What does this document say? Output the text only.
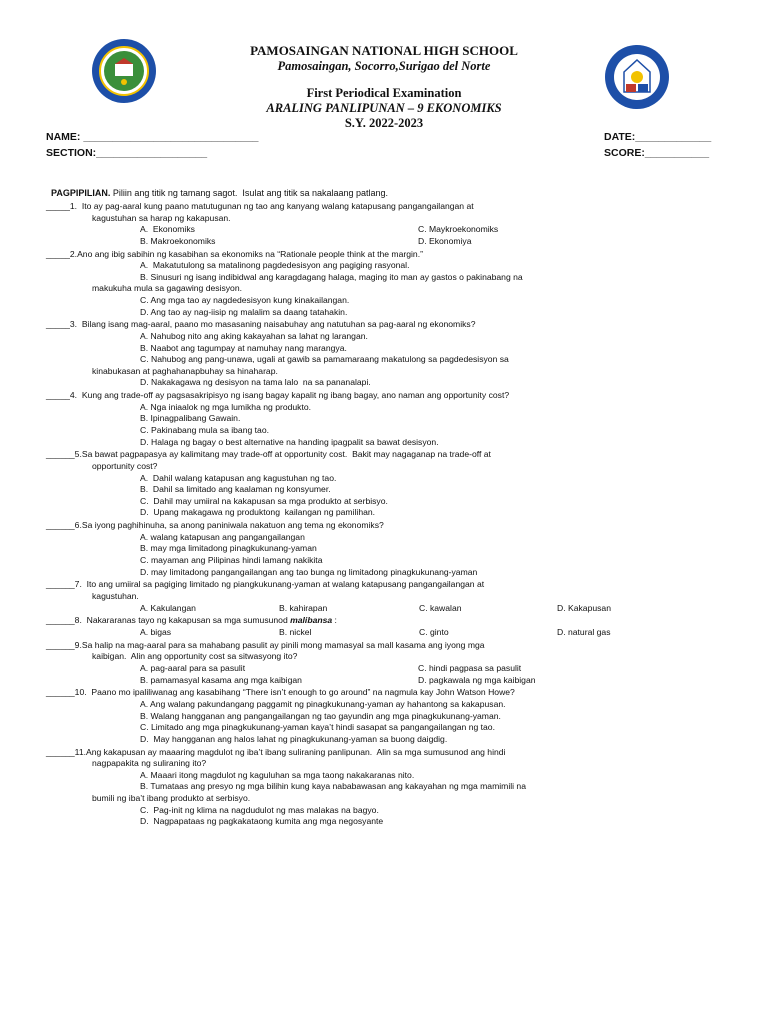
PAMOSAINGAN NATIONAL HIGH SCHOOL
Pamosaingan, Socorro,Surigao del Norte
First Periodical Examination
ARALING PANLIPUNAN – 9 EKONOMIKS
S.Y. 2022-2023
NAME: ______________________________	DATE:_____________
SECTION:___________________	SCORE:___________

PAGPIPILIAN. Piliin ang titik ng tamang sagot.  Isulat ang titik sa nakalaang patlang.

_____1.  Ito ay pag-aaral kung paano matutugunan ng tao ang kanyang walang katapusang pangangailangan at
kagustuhan sa harap ng kakapusan.
A.  Ekonomiks	C. Maykroekonomiks
B. Makroekonomiks	D. Ekonomiya
_____2.Ano ang ibig sabihin ng kasabihan sa ekonomiks na “Rationale people think at the margin.”
A.  Makatutulong sa matalinong pagdedesisyon ang pagiging rasyonal.
B. Sinusuri ng isang indibidwal ang karagdagang halaga, maging ito man ay gastos o pakinabang na
makukuha mula sa gagawing desisyon.
C. Ang mga tao ay nagdedesisyon kung kinakailangan.
D. Ang tao ay nag-iisip ng malalim sa daang tatahakin.
_____3.  Bilang isang mag-aaral, paano mo masasaning naisabuhay ang natutuhan sa pag-aaral ng ekonomiks?
A. Nahubog nito ang aking kakayahan sa lahat ng larangan.
B. Naabot ang tagumpay at namuhay nang marangya.
C. Nahubog ang pang-unawa, ugali at gawib sa pamamaraang makatulong sa pagdedesisyon sa
kinabukasan at paghahanapbuhay sa hinaharap.
D. Nakakagawa ng desisyon na tama lalo  na sa pananalapi.
_____4.  Kung ang trade-off ay pagsasakripisyo ng isang bagay kapalit ng ibang bagay, ano naman ang opportunity cost?
A. Nga iniaalok ng mga lumikha ng produkto.
B. Ipinagpalibang Gawain.
C. Pakinabang mula sa ibang tao.
D. Halaga ng bagay o best alternative na handing ipagpalit sa bawat desisyon.
______5.Sa bawat pagpapasya ay kalimitang may trade-off at opportunity cost.  Bakit may nagaganap na trade-off at
opportunity cost?
A.  Dahil walang katapusan ang kagustuhan ng tao.
B.  Dahil sa limitado ang kaalaman ng konsyumer.
C.  Dahil may umiiral na kakapusan sa mga produkto at serbisyo.
D.  Upang makagawa ng produktong  kailangan ng pamilihan.
______6.Sa iyong paghihinuha, sa anong paniniwala nakatuon ang tema ng ekonomiks?
A. walang katapusan ang pangangailangan
B. may mga limitadong pinagkukunang-yaman
C. mayaman ang Pilipinas hindi lamang nakikita
D. may limitadong pangangailangan ang tao bunga ng limitadong pinagkukunang-yaman
______7.  Ito ang umiiral sa pagiging limitado ng piangkukunang-yaman at walang katapusang pangangailangan at
kagustuhan.
A. Kakulangan	B. kahirapan	C. kawalan	D. Kakapusan
______8.  Nakararanas tayo ng kakapusan sa mga sumusunod malibansa :
A. bigas	B. nickel	C. ginto	D. natural gas
______9.Sa halip na mag-aaral para sa mahabang pasulit ay pinili mong mamasyal sa mall kasama ang iyong mga
kaibigan.  Alin ang opportunity cost sa sitwasyong ito?
A. pag-aaral para sa pasulit	C. hindi pagpasa sa pasulit
B. pamamasyal kasama ang mga kaibigan	D. pagkawala ng mga kaibigan
______10.  Paano mo ipaliliwanag ang kasabihang “There isn’t enough to go around” na nagmula kay John Watson Howe?
A. Ang walang pakundangang paggamit ng pinagkukunang-yaman ay hahantong sa kakapusan.
B. Walang hangganan ang pangangailangan ng tao gayundin ang mga pinagkukunang-yaman.
C. Limitado ang mga pinagkukunang-yaman kaya’t hindi sasapat sa pangangailangan ng tao.
D.  May hangganan ang halos lahat ng pinagkukunang-yaman sa buong daigdig.
______11.Ang kakapusan ay maaaring magdulot ng iba’t ibang suliraning panlipunan.  Alin sa mga sumusunod ang hindi
nagpapakita ng suliraning ito?
A. Maaari itong magdulot ng kaguluhan sa mga taong nakakaranas nito.
B. Tumataas ang presyo ng mga bilihin kung kaya nababawasan ang kakayahan ng mga mamimili na
bumili ng iba’t ibang produkto at serbisyo.
C.  Pag-init ng klima na nagdudulot ng mas malakas na bagyo.
D.  Nagpapataas ng pagkakataong kumita ang mga negosyante
